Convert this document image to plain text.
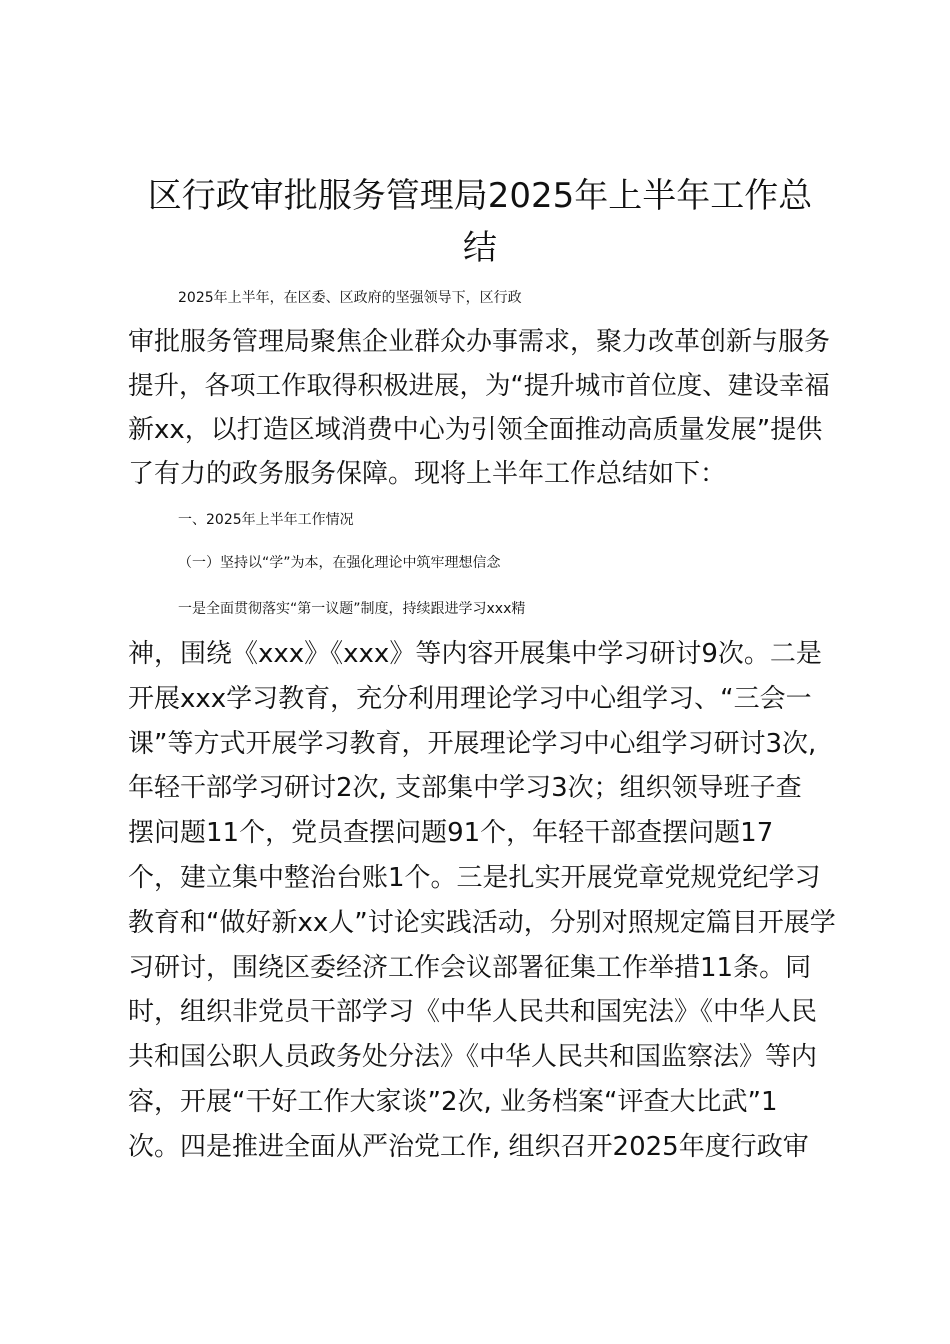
区行政审批服务管理局2025年上半年工作总
结
2025年上半年，在区委、区政府的坚强领导下，区行政
审批服务管理局聚焦企业群众办事需求，聚力改革创新与服务
提升，各项工作取得积极进展，为“提升城市首位度、建设幸福
新xx，以打造区域消费中心为引领全面推动高质量发展”提供
了有力的政务服务保障。现将上半年工作总结如下：
一、2025年上半年工作情况
（一）坚持以“学”为本，在强化理论中筑牢理想信念
一是全面贯彻落实“第一议题”制度，持续跟进学习xxx精
神，围绕《xxx》《xxx》等内容开展集中学习研讨9次。二是
开展xxx学习教育，充分利用理论学习中心组学习、“三会一
课”等方式开展学习教育，开展理论学习中心组学习研讨3次,
年轻干部学习研讨2次, 支部集中学习3次；组织领导班子查
摆问题11个，党员查摆问题91个，年轻干部查摆问题17
个，建立集中整治台账1个。三是扎实开展党章党规党纪学习
教育和“做好新xx人”讨论实践活动，分别对照规定篇目开展学
习研讨，围绕区委经济工作会议部署征集工作举措11条。同
时，组织非党员干部学习《中华人民共和国宪法》《中华人民
共和国公职人员政务处分法》《中华人民共和国监察法》等内
容，开展“干好工作大家谈”2次, 业务档案“评查大比武”1
次。四是推进全面从严治党工作, 组织召开2025年度行政审
